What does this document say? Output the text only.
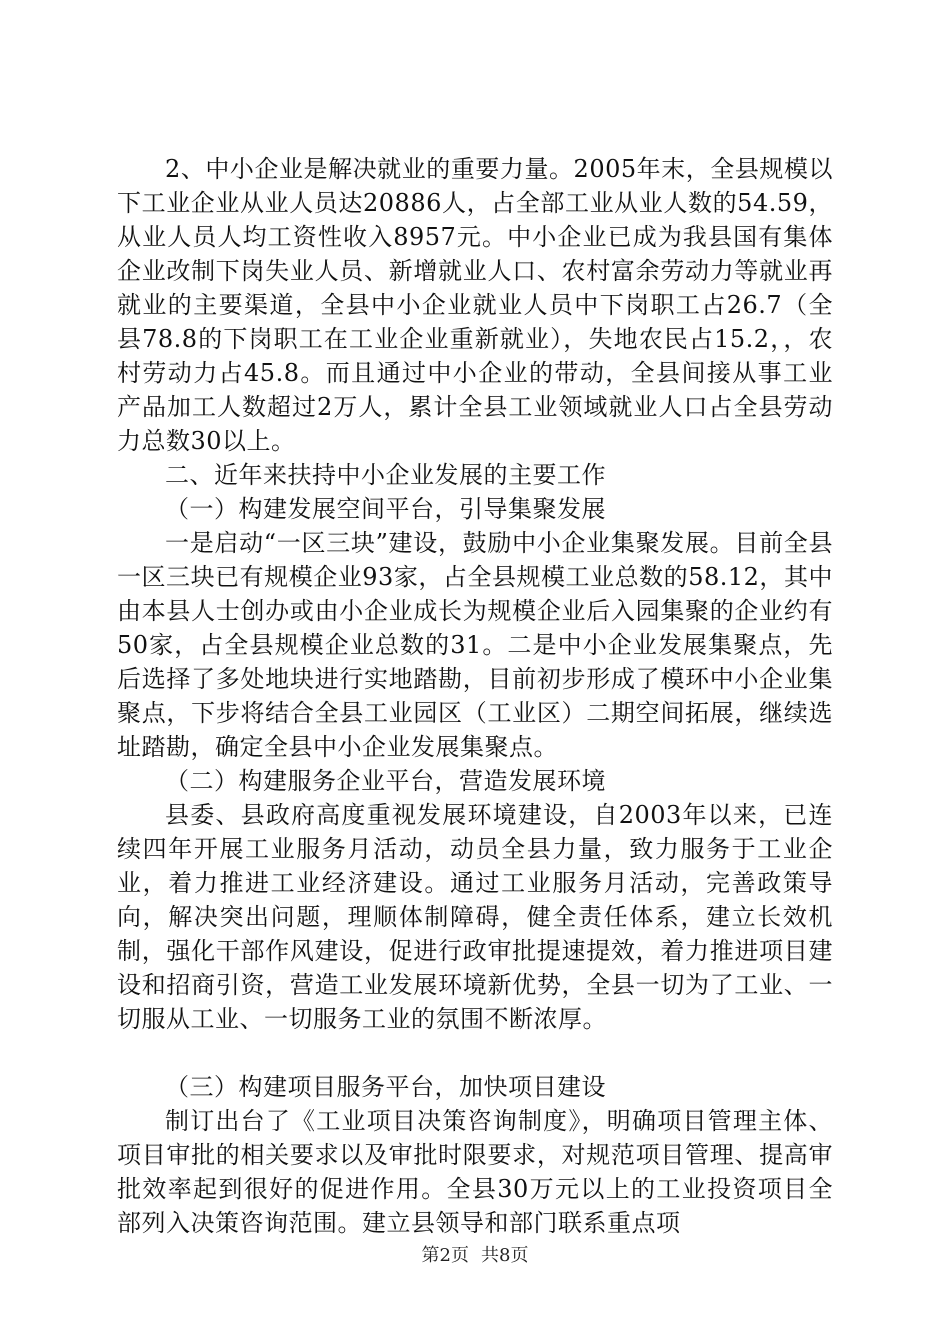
2、中小企业是解决就业的重要力量。2005年末，全县规模以下工业企业从业人员达20886人，占全部工业从业人数的54.59，从业人员人均工资性收入8957元。中小企业已成为我县国有集体企业改制下岗失业人员、新增就业人口、农村富余劳动力等就业再就业的主要渠道，全县中小企业就业人员中下岗职工占26.7（全县78.8的下岗职工在工业企业重新就业），失地农民占15.2，，农村劳动力占45.8。而且通过中小企业的带动，全县间接从事工业产品加工人数超过2万人，累计全县工业领域就业人口占全县劳动力总数30以上。

二、近年来扶持中小企业发展的主要工作

（一）构建发展空间平台，引导集聚发展

一是启动“一区三块”建设，鼓励中小企业集聚发展。目前全县一区三块已有规模企业93家，占全县规模工业总数的58.12，其中由本县人士创办或由小企业成长为规模企业后入园集聚的企业约有50家，占全县规模企业总数的31。二是中小企业发展集聚点，先后选择了多处地块进行实地踏勘，目前初步形成了模环中小企业集聚点，下步将结合全县工业园区（工业区）二期空间拓展，继续选址踏勘，确定全县中小企业发展集聚点。

（二）构建服务企业平台，营造发展环境

县委、县政府高度重视发展环境建设，自2003年以来，已连续四年开展工业服务月活动，动员全县力量，致力服务于工业企业，着力推进工业经济建设。通过工业服务月活动，完善政策导向，解决突出问题，理顺体制障碍，健全责任体系，建立长效机制，强化干部作风建设，促进行政审批提速提效，着力推进项目建设和招商引资，营造工业发展环境新优势，全县一切为了工业、一切服从工业、一切服务工业的氛围不断浓厚。

（三）构建项目服务平台，加快项目建设

制订出台了《工业项目决策咨询制度》，明确项目管理主体、项目审批的相关要求以及审批时限要求，对规范项目管理、提高审批效率起到很好的促进作用。全县30万元以上的工业投资项目全部列入决策咨询范围。建立县领导和部门联系重点项

第2页 共8页
